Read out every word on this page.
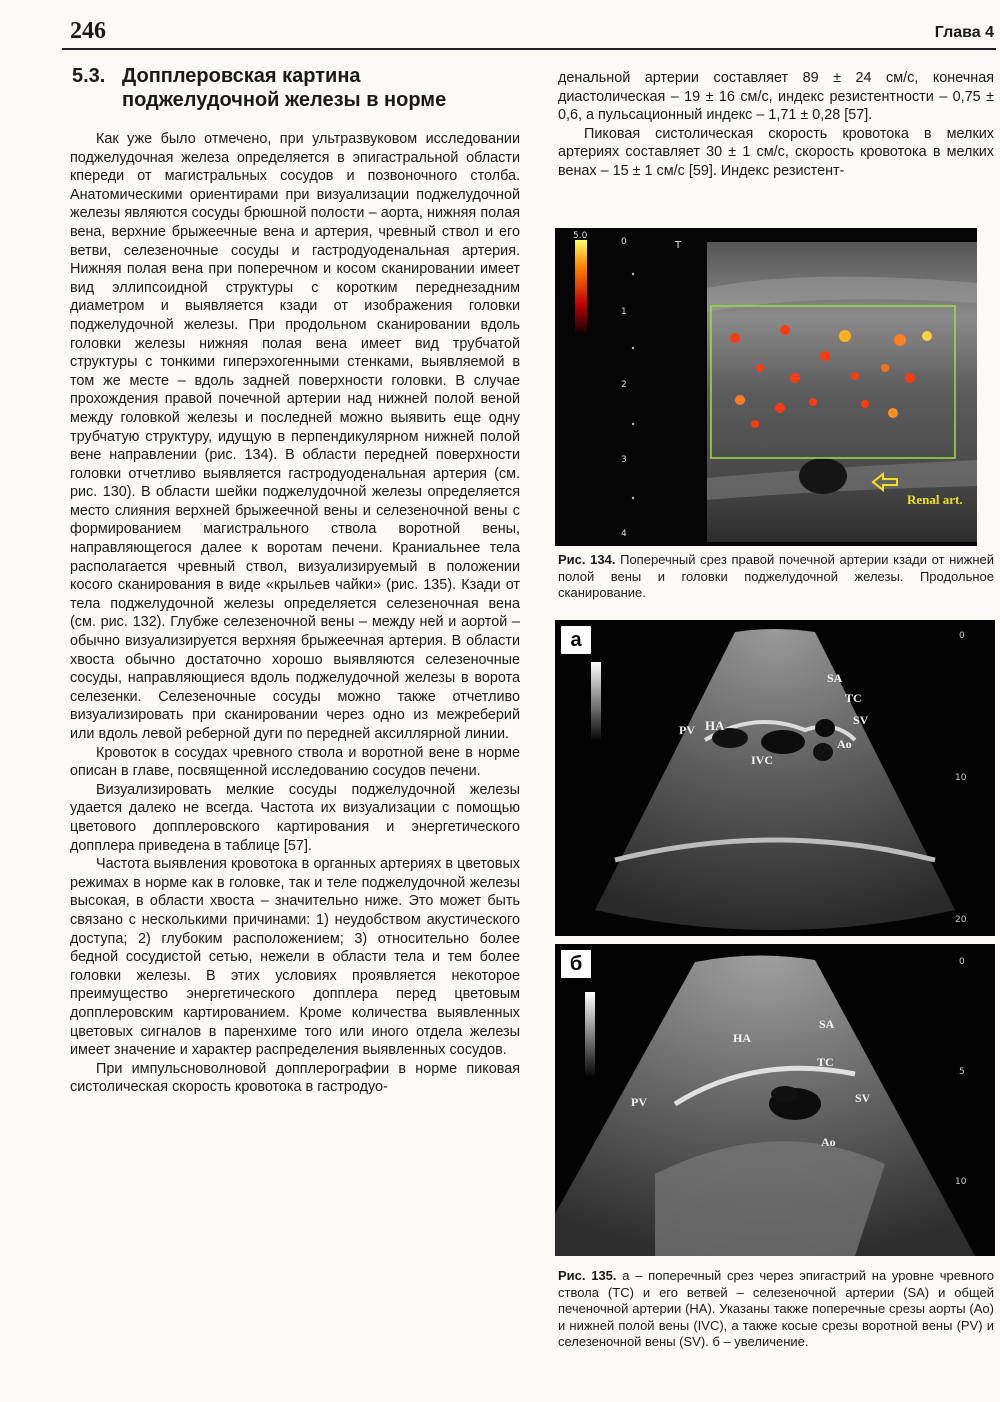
246	Глава 4
5.3. Допплеровская картина
поджелудочной железы в норме

Как уже было отмечено, при ультразвуковом исследовании поджелудочная железа определяется в эпигастральной области кпереди от магистральных сосудов и позвоночного столба. Анатомическими ориентирами при визуализации поджелудочной железы являются сосуды брюшной полости – аорта, нижняя полая вена, верхние брыжеечные вена и артерия, чревный ствол и его ветви, селезеночные сосуды и гастродуоденальная артерия. Нижняя полая вена при поперечном и косом сканировании имеет вид эллипсоидной структуры с коротким переднезадним диаметром и выявляется кзади от изображения головки поджелудочной железы. При продольном сканировании вдоль головки железы нижняя полая вена имеет вид трубчатой структуры с тонкими гиперэхогенными стенками, выявляемой в том же месте – вдоль задней поверхности головки. В случае прохождения правой почечной артерии над нижней полой веной между головкой железы и последней можно выявить еще одну трубчатую структуру, идущую в перпендикулярном нижней полой вене направлении (рис. 134). В области передней поверхности головки отчетливо выявляется гастродуоденальная артерия (см. рис. 130). В области шейки поджелудочной железы определяется место слияния верхней брыжеечной вены и селезеночной вены с формированием магистрального ствола воротной вены, направляющегося далее к воротам печени. Краниальнее тела располагается чревный ствол, визуализируемый в положении косого сканирования в виде «крыльев чайки» (рис. 135). Кзади от тела поджелудочной железы определяется селезеночная вена (см. рис. 132). Глубже селезеночной вены – между ней и аортой – обычно визуализируется верхняя брыжеечная артерия. В области хвоста обычно достаточно хорошо выявляются селезеночные сосуды, направляющиеся вдоль поджелудочной железы в ворота селезенки. Селезеночные сосуды можно также отчетливо визуализировать при сканировании через одно из межреберий или вдоль левой реберной дуги по передней аксиллярной линии.

Кровоток в сосудах чревного ствола и воротной вене в норме описан в главе, посвященной исследованию сосудов печени.

Визуализировать мелкие сосуды поджелудочной железы удается далеко не всегда. Частота их визуализации с помощью цветового допплеровского картирования и энергетического допплера приведена в таблице [57].

Частота выявления кровотока в органных артериях в цветовых режимах в норме как в головке, так и теле поджелудочной железы высокая, в области хвоста – значительно ниже. Это может быть связано с несколькими причинами: 1) неудобством акустического доступа; 2) глубоким расположением; 3) относительно более бедной сосудистой сетью, нежели в области тела и тем более головки железы. В этих условиях проявляется некоторое преимущество энергетического допплера перед цветовым допплеровским картированием. Кроме количества выявленных цветовых сигналов в паренхиме того или иного отдела железы имеет значение и характер распределения выявленных сосудов.

При импульсноволновой допплерографии в норме пиковая систолическая скорость кровотока в гастродуо-

денальной артерии составляет 89 ± 24 см/с, конечная диастолическая – 19 ± 16 см/с, индекс резистентности – 0,75 ± 0,6, а пульсационный индекс – 1,71 ± 0,28 [57].

Пиковая систолическая скорость кровотока в мелких артериях составляет 30 ± 1 см/с, скорость кровотока в мелких венах – 15 ± 1 см/с [59]. Индекс резистент-

5.0
T
0
1
2
3
4
Renal art.
Рис. 134. Поперечный срез правой почечной артерии кзади от нижней полой вены и головки поджелудочной железы. Продольное сканирование.
HA
SA
TC
SV
Ao
PV
IVC
0
10
20
а
HA
SA
TC
SV
Ao
PV
0
5
10
б
Рис. 135. а – поперечный срез через эпигастрий на уровне чревного ствола (TC) и его ветвей – селезеночной артерии (SA) и общей печеночной артерии (HA). Указаны также поперечные срезы аорты (Ao) и нижней полой вены (IVC), а также косые срезы воротной вены (PV) и селезеночной вены (SV). б – увеличение.
